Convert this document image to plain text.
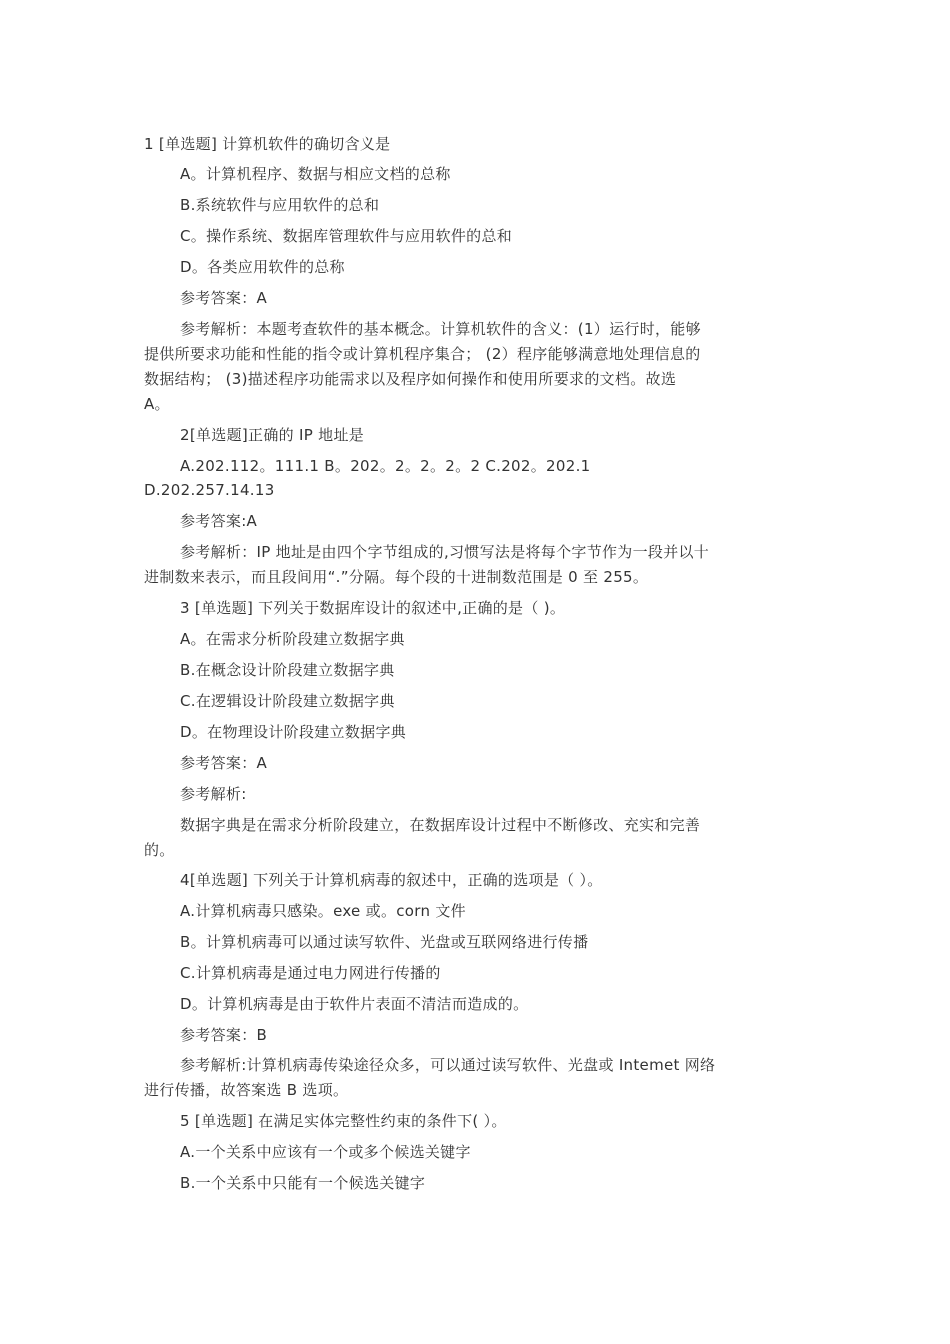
1 [单选题] 计算机软件的确切含义是
A。计算机程序、数据与相应文档的总称
B.系统软件与应用软件的总和
C。操作系统、数据库管理软件与应用软件的总和
D。各类应用软件的总称
参考答案：A
参考解析：本题考查软件的基本概念。计算机软件的含义：(1）运行时，能够
提供所要求功能和性能的指令或计算机程序集合； (2）程序能够满意地处理信息的
数据结构； (3)描述程序功能需求以及程序如何操作和使用所要求的文档。故选
A。
2[单选题]正确的 IP 地址是
A.202.112。111.1 B。202。2。2。2。2 C.202。202.1
D.202.257.14.13
参考答案:A
参考解析：IP 地址是由四个字节组成的,习惯写法是将每个字节作为一段并以十
进制数来表示，而且段间用“.”分隔。每个段的十进制数范围是 0 至 255。
3 [单选题] 下列关于数据库设计的叙述中,正确的是（ )。
A。在需求分析阶段建立数据字典
B.在概念设计阶段建立数据字典
C.在逻辑设计阶段建立数据字典
D。在物理设计阶段建立数据字典
参考答案：A
参考解析:
数据字典是在需求分析阶段建立，在数据库设计过程中不断修改、充实和完善
的。
4[单选题] 下列关于计算机病毒的叙述中，正确的选项是（ ）。
A.计算机病毒只感染。exe 或。corn 文件
B。计算机病毒可以通过读写软件、光盘或互联网络进行传播
C.计算机病毒是通过电力网进行传播的
D。计算机病毒是由于软件片表面不清洁而造成的。
参考答案：B
参考解析:计算机病毒传染途径众多，可以通过读写软件、光盘或 Intemet 网络
进行传播，故答案选 B 选项。
5 [单选题] 在满足实体完整性约束的条件下( ）。
A.一个关系中应该有一个或多个候选关键字
B.一个关系中只能有一个候选关键字
